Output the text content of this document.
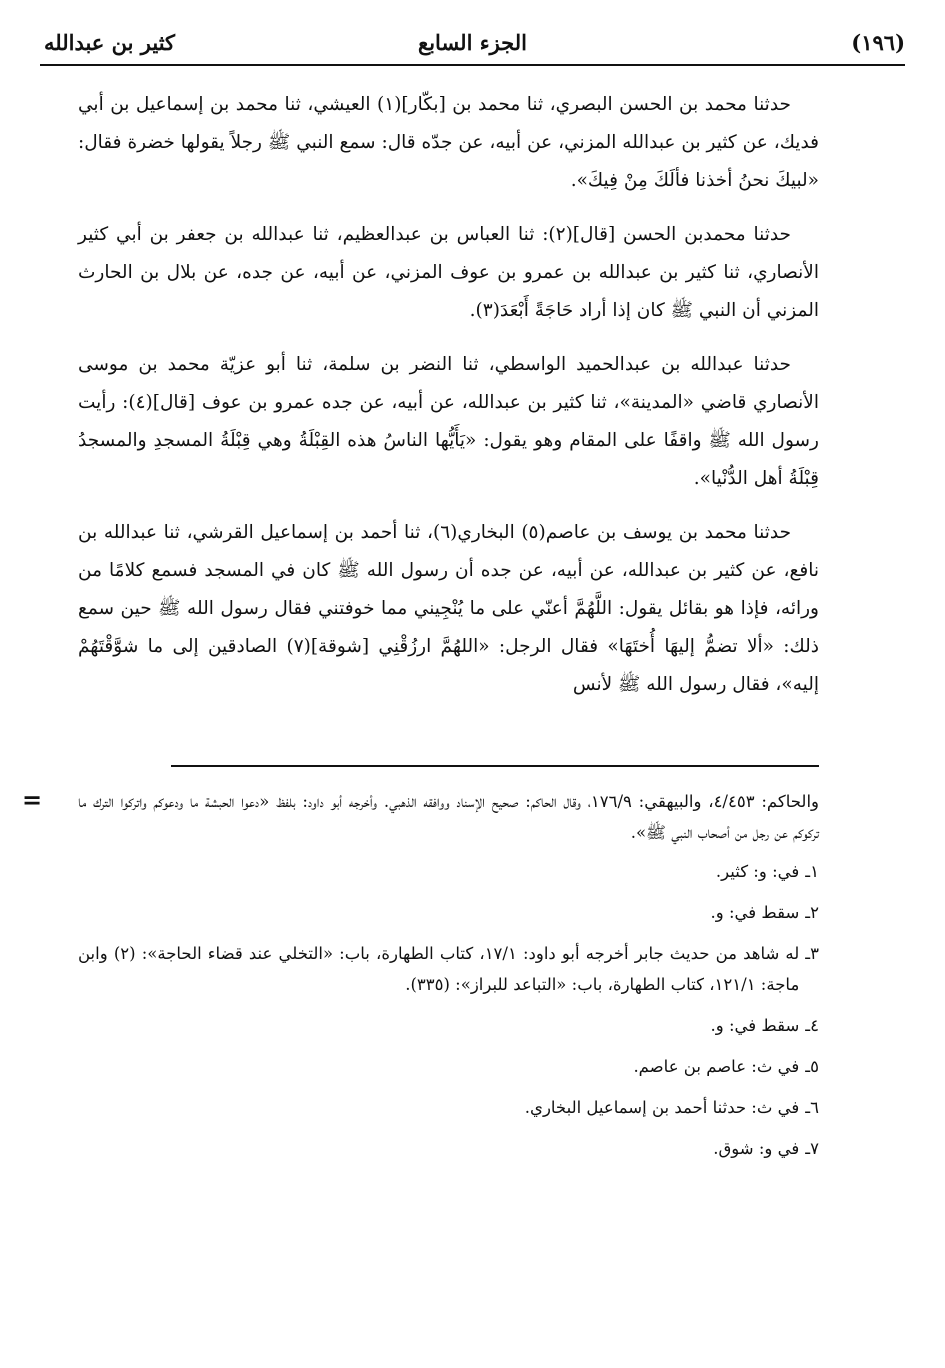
كثير بن عبدالله	الجزء السابع	(١٩٦)

حدثنا محمد بن الحسن البصري، ثنا محمد بن [بكّار](١) العيشي، ثنا محمد بن إسماعيل بن أبي فديك، عن كثير بن عبدالله المزني، عن أبيه، عن جدّه قال: سمع النبي ﷺ رجلاً يقولها خضرة فقال: «لبيكَ نحنُ أخذنا فألَكَ مِنْ فِيكَ».

حدثنا محمدبن الحسن [قال](٢): ثنا العباس بن عبدالعظيم، ثنا عبدالله بن جعفر بن أبي كثير الأنصاري، ثنا كثير بن عبدالله بن عمرو بن عوف المزني، عن أبيه، عن جده، عن بلال بن الحارث المزني أن النبي ﷺ كان إذا أراد حَاجَةً أَبْعَدَ(٣).

حدثنا عبدالله بن عبدالحميد الواسطي، ثنا النضر بن سلمة، ثنا أبو عزيّة محمد بن موسى الأنصاري قاضي «المدينة»، ثنا كثير بن عبدالله، عن أبيه، عن جده عمرو بن عوف [قال](٤): رأيت رسول الله ﷺ واقفًا على المقام وهو يقول: «يَأَيُّها الناسُ هذه القِبْلَةُ وهي قِبْلَةُ المسجدِ والمسجدُ قِبْلَةُ أهل الدُّنْيا».

حدثنا محمد بن يوسف بن عاصم(٥) البخاري(٦)، ثنا أحمد بن إسماعيل القرشي، ثنا عبدالله بن نافع، عن كثير بن عبدالله، عن أبيه، عن جده أن رسول الله ﷺ كان في المسجد فسمع كلامًا من ورائه، فإذا هو بقائل يقول: اللَّهُمَّ أعنّي على ما يُنْجِيني مما خوفتني فقال رسول الله ﷺ حين سمع ذلك: «ألا تضمُّ إليهَا أُختَهَا» فقال الرجل: «اللهُمَّ ارزُقْنِي [شوقة](٧) الصادقين إلى ما شوَّقْتَهُمْ إليه»، فقال رسول الله ﷺ لأنس

= والحاكم: ٤/٤٥٣، والبيهقي: ١٧٦/٩، وقال الحاكم: صحيح الإسناد ووافقه الذهبي. وأخرجه أبو داود: بلفظ «دعوا الحبشة ما ودعوكم واتركوا الترك ما تركوكم عن رجل من أصحاب النبي ﷺ».
١ـ
في: و: كثير.
٢ـ
سقط في: و.
٣ـ
له شاهد من حديث جابر أخرجه أبو داود: ١٧/١، كتاب الطهارة، باب: «التخلي عند قضاء الحاجة»: (٢) وابن ماجة: ١٢١/١، كتاب الطهارة، باب: «التباعد للبراز»: (٣٣٥).
٤ـ
سقط في: و.
٥ـ
في ث: عاصم بن عاصم.
٦ـ
في ث: حدثنا أحمد بن إسماعيل البخاري.
٧ـ
في و: شوق.
